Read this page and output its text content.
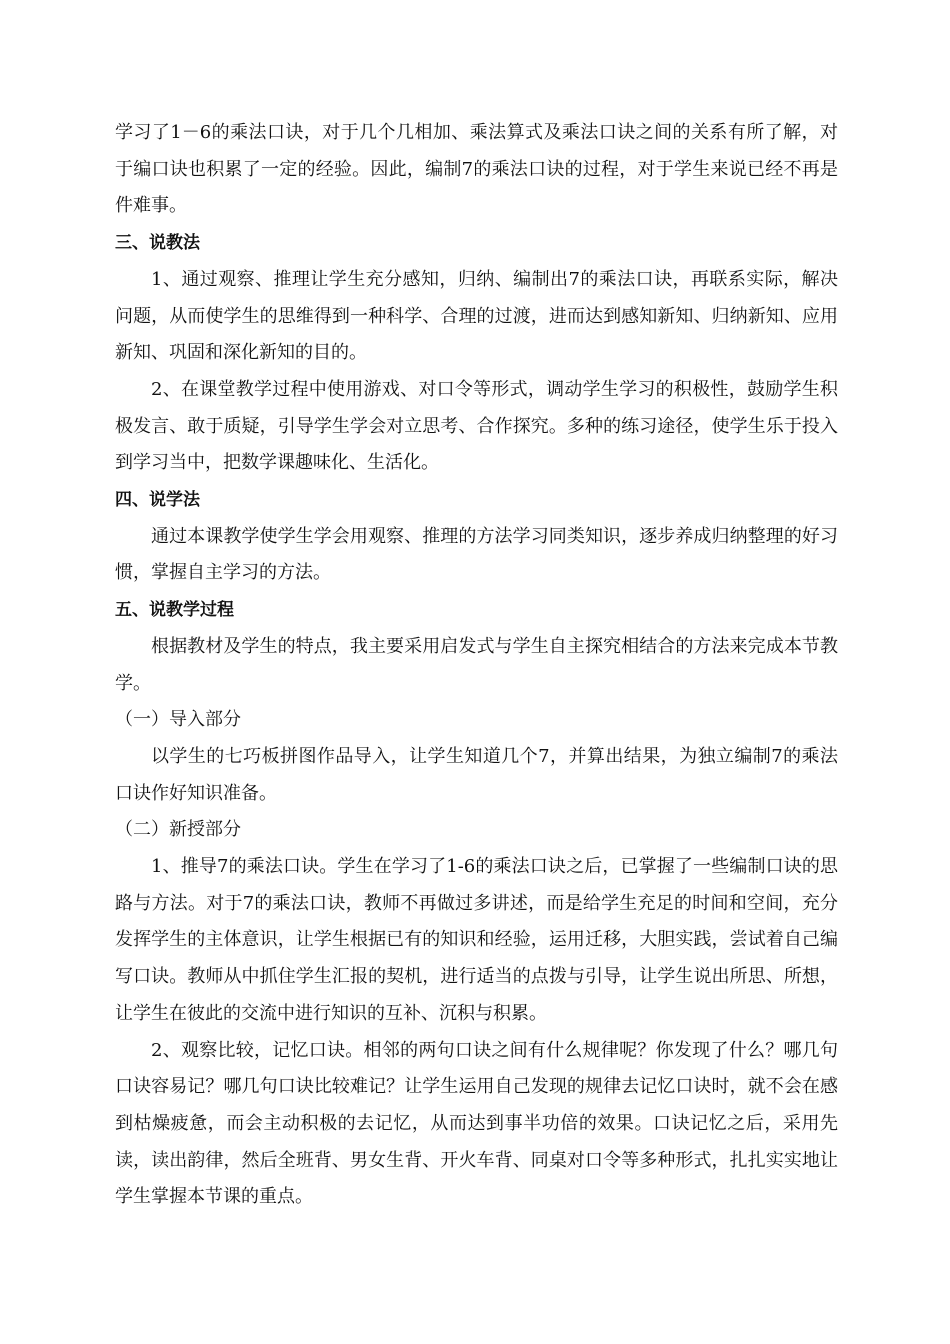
学习了1－6的乘法口诀，对于几个几相加、乘法算式及乘法口诀之间的关系有所了解，对于编口诀也积累了一定的经验。因此，编制7的乘法口诀的过程，对于学生来说已经不再是件难事。

三、说教法

1、通过观察、推理让学生充分感知，归纳、编制出7的乘法口诀，再联系实际，解决问题，从而使学生的思维得到一种科学、合理的过渡，进而达到感知新知、归纳新知、应用新知、巩固和深化新知的目的。

2、在课堂教学过程中使用游戏、对口令等形式，调动学生学习的积极性，鼓励学生积极发言、敢于质疑，引导学生学会对立思考、合作探究。多种的练习途径，使学生乐于投入到学习当中，把数学课趣味化、生活化。

四、说学法

通过本课教学使学生学会用观察、推理的方法学习同类知识，逐步养成归纳整理的好习惯，掌握自主学习的方法。

五、说教学过程

根据教材及学生的特点，我主要采用启发式与学生自主探究相结合的方法来完成本节教学。

（一）导入部分

以学生的七巧板拼图作品导入，让学生知道几个7，并算出结果，为独立编制7的乘法口诀作好知识准备。

（二）新授部分

1、推导7的乘法口诀。学生在学习了1-6的乘法口诀之后，已掌握了一些编制口诀的思路与方法。对于7的乘法口诀，教师不再做过多讲述，而是给学生充足的时间和空间，充分发挥学生的主体意识，让学生根据已有的知识和经验，运用迁移，大胆实践，尝试着自己编写口诀。教师从中抓住学生汇报的契机，进行适当的点拨与引导，让学生说出所思、所想，让学生在彼此的交流中进行知识的互补、沉积与积累。

2、观察比较，记忆口诀。相邻的两句口诀之间有什么规律呢？你发现了什么？哪几句口诀容易记？哪几句口诀比较难记？让学生运用自己发现的规律去记忆口诀时，就不会在感到枯燥疲惫，而会主动积极的去记忆，从而达到事半功倍的效果。口诀记忆之后，采用先读，读出韵律，然后全班背、男女生背、开火车背、同桌对口令等多种形式，扎扎实实地让学生掌握本节课的重点。
